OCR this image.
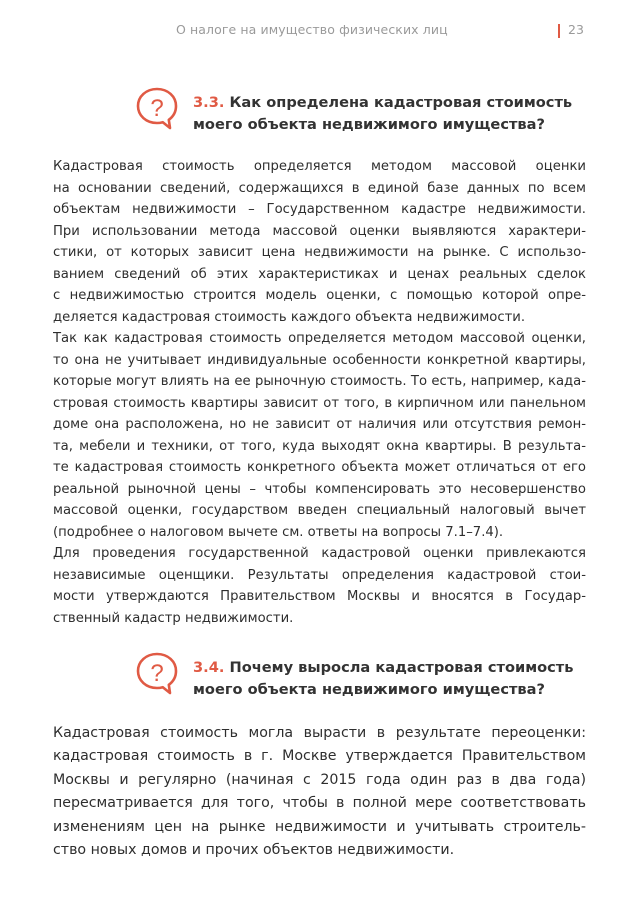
О налоге на имущество физических лиц	23
? 3.3. Как определена кадастровая стоимость
моего объекта недвижимого имущества?
Кадастровая стоимость определяется методом массовой оценки
на основании сведений, содержащихся в единой базе данных по всем
объектам недвижимости – Государственном кадастре недвижимости.
При использовании метода массовой оценки выявляются характери-
стики, от которых зависит цена недвижимости на рынке. С использо-
ванием сведений об этих характеристиках и ценах реальных сделок
с недвижимостью строится модель оценки, с помощью которой опре-
деляется кадастровая стоимость каждого объекта недвижимости.
Так как кадастровая стоимость определяется методом массовой оценки,
то она не учитывает индивидуальные особенности конкретной квартиры,
которые могут влиять на ее рыночную стоимость. То есть, например, када-
стровая стоимость квартиры зависит от того, в кирпичном или панельном
доме она расположена, но не зависит от наличия или отсутствия ремон-
та, мебели и техники, от того, куда выходят окна квартиры. В результа-
те кадастровая стоимость конкретного объекта может отличаться от его
реальной рыночной цены – чтобы компенсировать это несовершенство
массовой оценки, государством введен специальный налоговый вычет
(подробнее о налоговом вычете см. ответы на вопросы 7.1–7.4).
Для проведения государственной кадастровой оценки привлекаются
независимые оценщики. Результаты определения кадастровой стои-
мости утверждаются Правительством Москвы и вносятся в Государ-
ственный кадастр недвижимости.
? 3.4. Почему выросла кадастровая стоимость
моего объекта недвижимого имущества?
Кадастровая стоимость могла вырасти в результате переоценки:
кадастровая стоимость в г. Москве утверждается Правительством
Москвы и регулярно (начиная с 2015 года один раз в два года)
пересматривается для того, чтобы в полной мере соответствовать
изменениям цен на рынке недвижимости и учитывать строитель-
ство новых домов и прочих объектов недвижимости.
